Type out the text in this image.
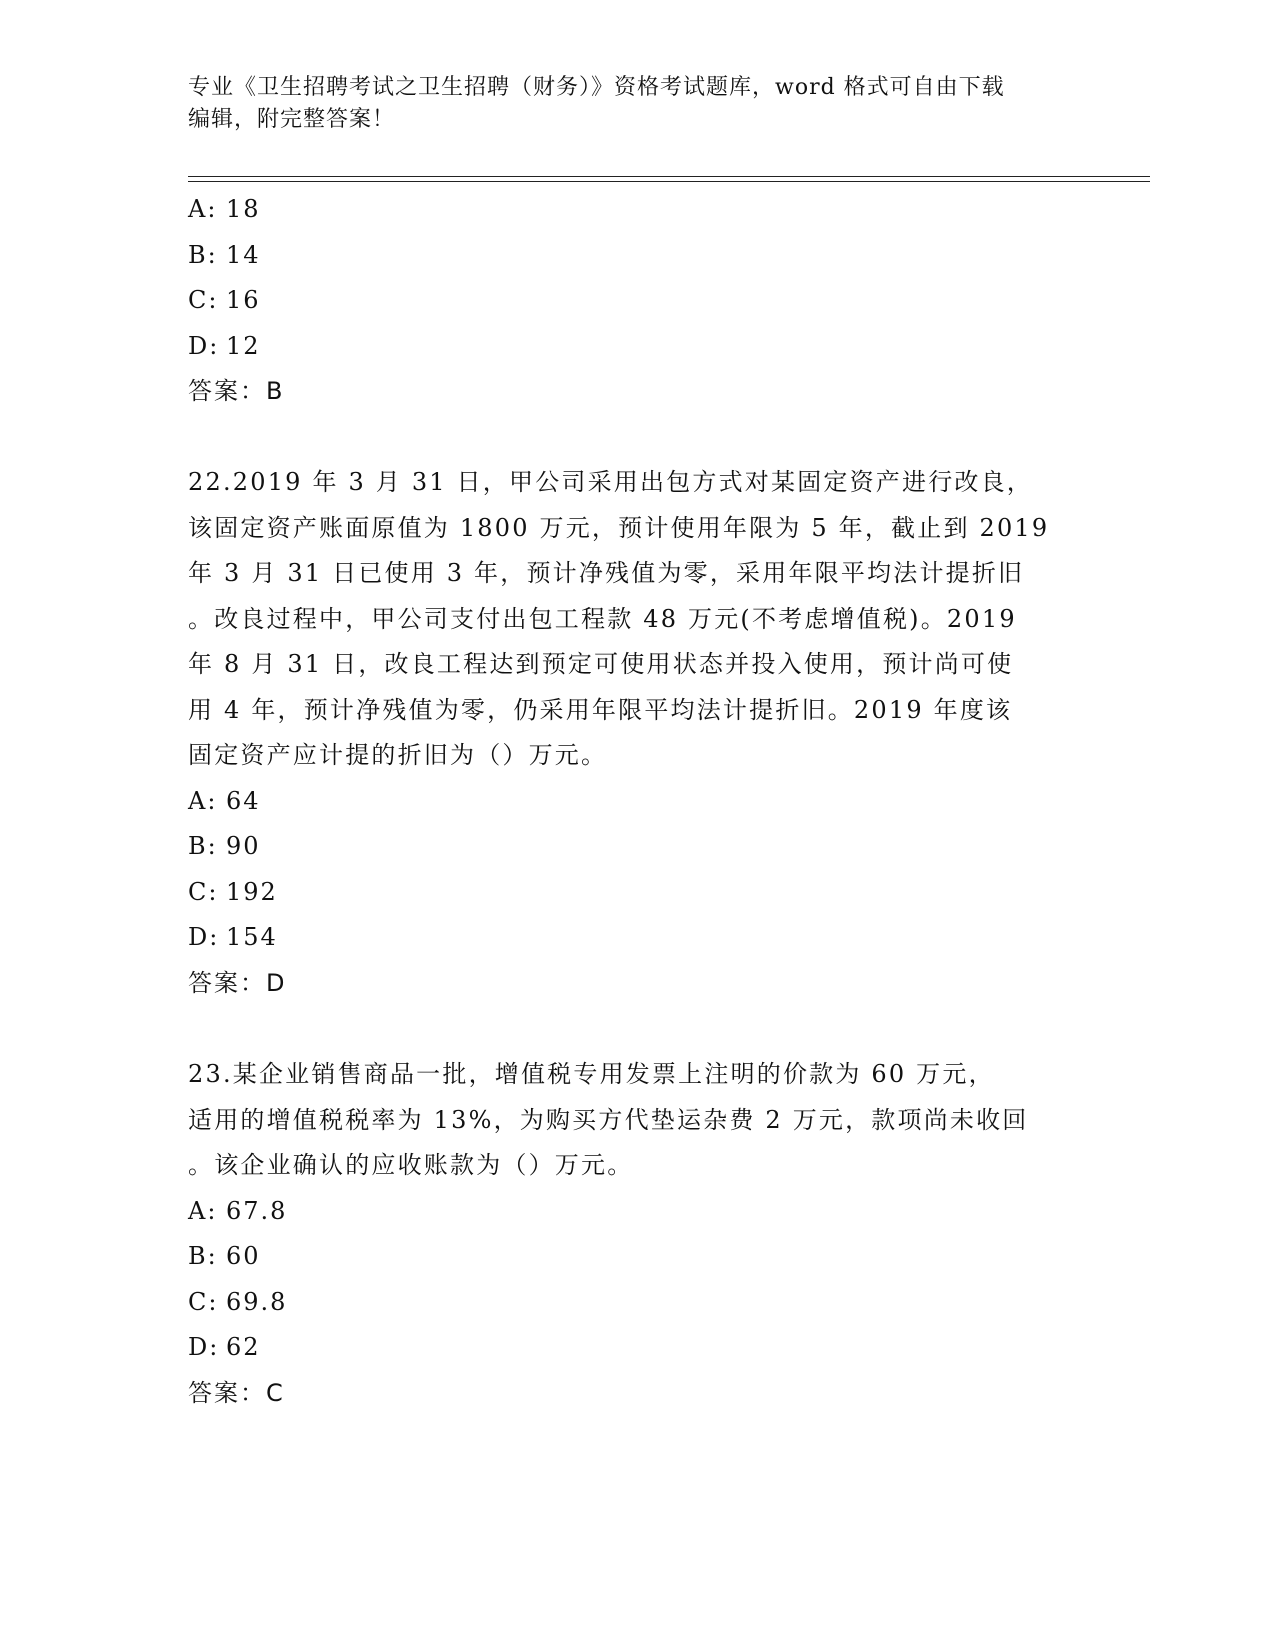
专业《卫生招聘考试之卫生招聘（财务）》资格考试题库，word 格式可自由下载
编辑，附完整答案！
A: 18
B: 14
C: 16
D: 12
答案：B
22.2019 年 3 月 31 日，甲公司采用出包方式对某固定资产进行改良，
该固定资产账面原值为 1800 万元，预计使用年限为 5 年，截止到 2019
年 3 月 31 日已使用 3 年，预计净残值为零，采用年限平均法计提折旧
。改良过程中，甲公司支付出包工程款 48 万元(不考虑增值税)。2019
年 8 月 31 日，改良工程达到预定可使用状态并投入使用，预计尚可使
用 4 年，预计净残值为零，仍采用年限平均法计提折旧。2019 年度该
固定资产应计提的折旧为（）万元。
A: 64
B: 90
C: 192
D: 154
答案：D
23.某企业销售商品一批，增值税专用发票上注明的价款为 60 万元，
适用的增值税税率为 13%，为购买方代垫运杂费 2 万元，款项尚未收回
。该企业确认的应收账款为（）万元。
A: 67.8
B: 60
C: 69.8
D: 62
答案：C
